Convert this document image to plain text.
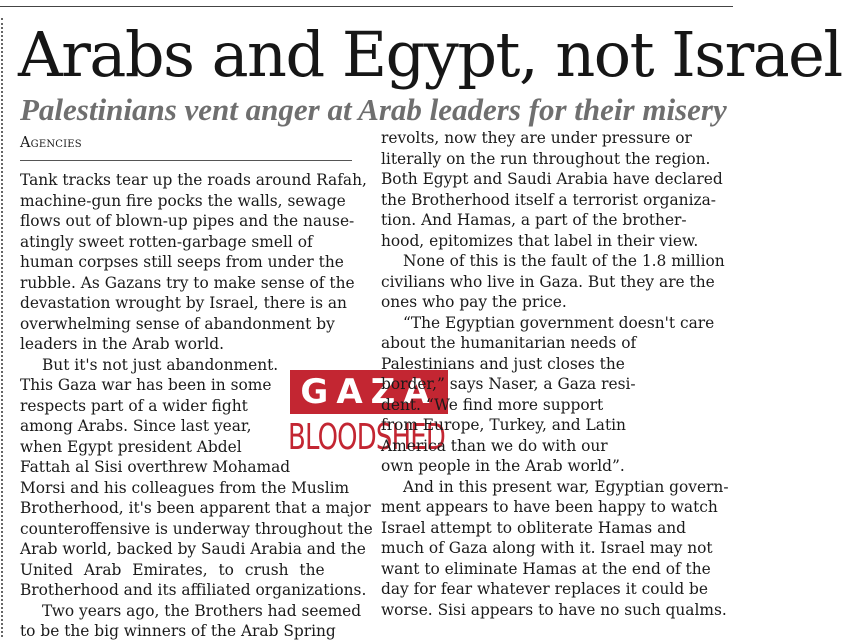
Arabs and Egypt, not Israel
Palestinians vent anger at Arab leaders for their misery
Agencies

Tank tracks tear up the roads around Rafah,
machine-gun fire pocks the walls, sewage
flows out of blown-up pipes and the nause-
atingly sweet rotten-garbage smell of
human corpses still seeps from under the
rubble. As Gazans try to make sense of the
devastation wrought by Israel, there is an
overwhelming sense of abandonment by
leaders in the Arab world.

But it's not just abandonment.
This Gaza war has been in some
respects part of a wider fight
among Arabs. Since last year,
when Egypt president Abdel
Fattah al Sisi overthrew Mohamad

Morsi and his colleagues from the Muslim
Brotherhood, it's been apparent that a major
counteroffensive is underway throughout the
Arab world, backed by Saudi Arabia and the
United Arab Emirates, to crush the
Brotherhood and its affiliated organizations.

Two years ago, the Brothers had seemed
to be the big winners of the Arab Spring

GAZA
BLOODSHED

revolts, now they are under pressure or
literally on the run throughout the region.
Both Egypt and Saudi Arabia have declared
the Brotherhood itself a terrorist organiza-
tion. And Hamas, a part of the brother-
hood, epitomizes that label in their view.

None of this is the fault of the 1.8 million
civilians who live in Gaza. But they are the
ones who pay the price.

“The Egyptian government doesn't care

about the humanitarian needs of
Palestinians and just closes the
border,” says Naser, a Gaza resi-
dent. “We find more support
from Europe, Turkey, and Latin
America than we do with our
own people in the Arab world”.

And in this present war, Egyptian govern-
ment appears to have been happy to watch
Israel attempt to obliterate Hamas and
much of Gaza along with it. Israel may not
want to eliminate Hamas at the end of the
day for fear whatever replaces it could be
worse. Sisi appears to have no such qualms.
